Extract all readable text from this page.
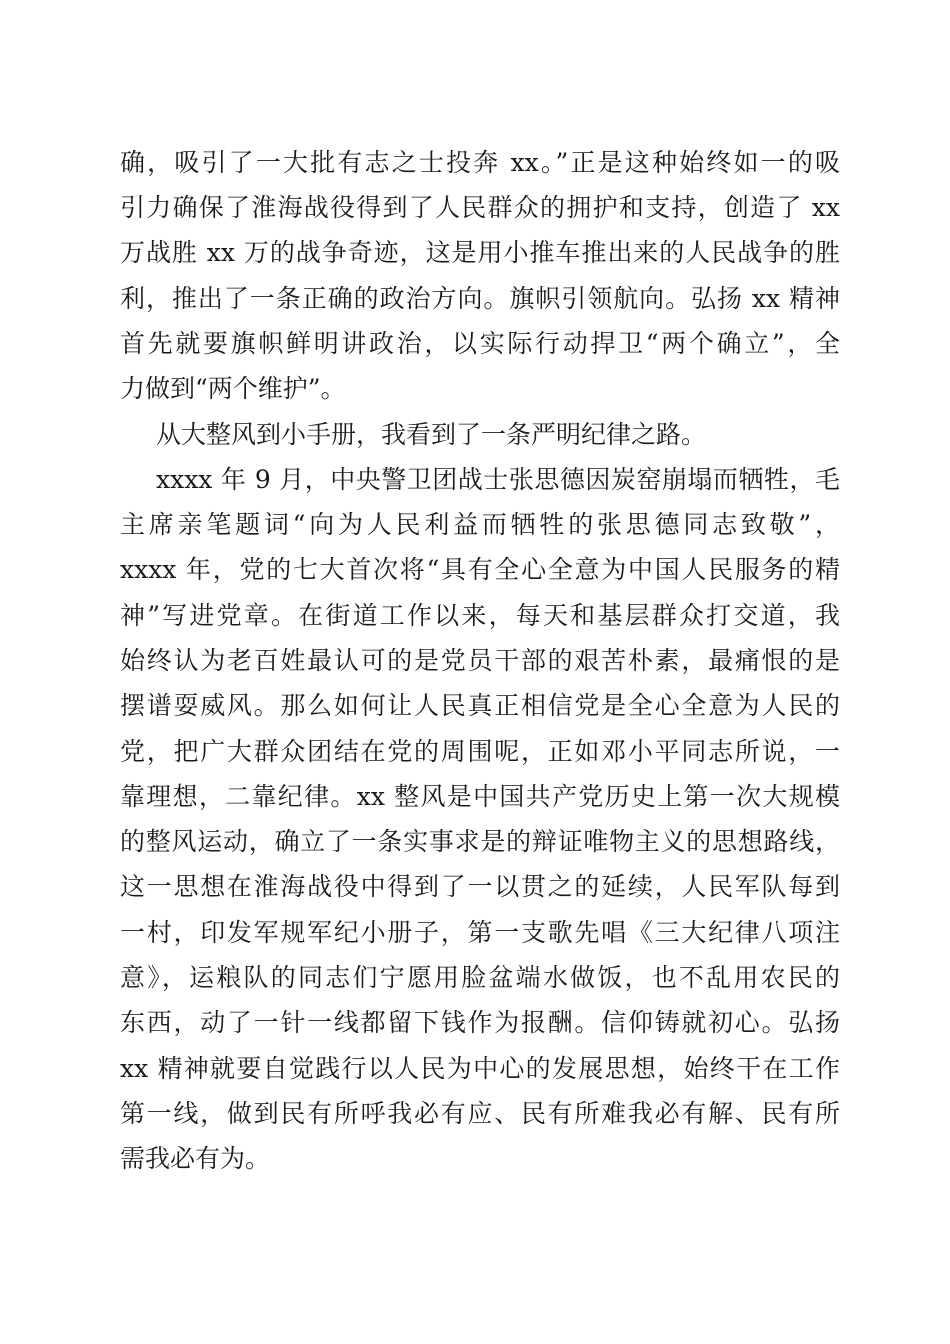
确，吸引了一大批有志之士投奔 xx。”正是这种始终如一的吸
引力确保了淮海战役得到了人民群众的拥护和支持，创造了 xx
万战胜 xx 万的战争奇迹，这是用小推车推出来的人民战争的胜
利，推出了一条正确的政治方向。旗帜引领航向。弘扬 xx 精神
首先就要旗帜鲜明讲政治，以实际行动捍卫“两个确立”，全
力做到“两个维护”。
从大整风到小手册，我看到了一条严明纪律之路。
xxxx 年 9 月，中央警卫团战士张思德因炭窑崩塌而牺牲，毛
主席亲笔题词“向为人民利益而牺牲的张思德同志致敬”，
xxxx 年，党的七大首次将“具有全心全意为中国人民服务的精
神”写进党章。在街道工作以来，每天和基层群众打交道，我
始终认为老百姓最认可的是党员干部的艰苦朴素，最痛恨的是
摆谱耍威风。那么如何让人民真正相信党是全心全意为人民的
党，把广大群众团结在党的周围呢，正如邓小平同志所说，一
靠理想，二靠纪律。xx 整风是中国共产党历史上第一次大规模
的整风运动，确立了一条实事求是的辩证唯物主义的思想路线，
这一思想在淮海战役中得到了一以贯之的延续，人民军队每到
一村，印发军规军纪小册子，第一支歌先唱《三大纪律八项注
意》，运粮队的同志们宁愿用脸盆端水做饭，也不乱用农民的
东西，动了一针一线都留下钱作为报酬。信仰铸就初心。弘扬
xx 精神就要自觉践行以人民为中心的发展思想，始终干在工作
第一线，做到民有所呼我必有应、民有所难我必有解、民有所
需我必有为。
